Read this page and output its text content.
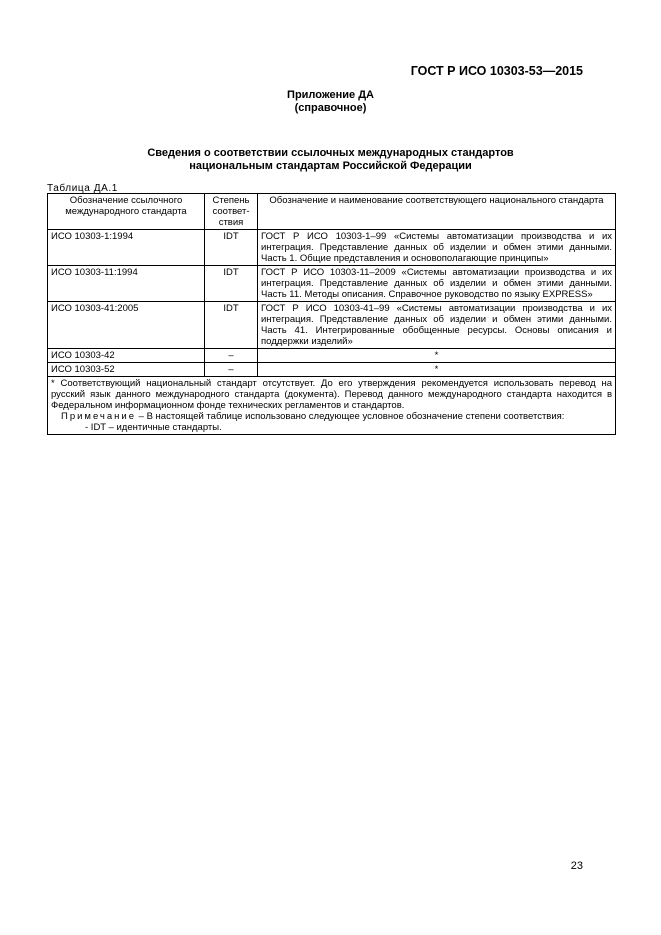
ГОСТ Р ИСО 10303-53—2015
Приложение ДА
(справочное)
Сведения о соответствии ссылочных международных стандартов
национальным стандартам Российской Федерации
Таблица ДА.1
Обозначение ссылочного международного стандарта	Степень соответ-ствия	Обозначение и наименование соответствующего национального стандарта
ИСО 10303-1:1994	IDT	ГОСТ Р ИСО 10303-1–99 «Системы автоматизации производства и их интеграция. Представление данных об изделии и обмен этими данными. Часть 1. Общие представления и основополагающие принципы»
ИСО 10303-11:1994	IDT	ГОСТ Р ИСО 10303-11–2009 «Системы автоматизации производства и их интеграция. Представление данных об изделии и обмен этими данными. Часть 11. Методы описания. Справочное руководство по языку EXPRESS»
ИСО 10303-41:2005	IDT	ГОСТ Р ИСО 10303-41–99 «Системы автоматизации производства и их интеграция. Представление данных об изделии и обмен этими данными. Часть 41. Интегрированные обобщенные ресурсы. Основы описания и поддержки изделий»
ИСО 10303-42	–	*
ИСО 10303-52	–	*

* Соответствующий национальный стандарт отсутствует. До его утверждения рекомендуется использовать перевод на русский язык данного международного стандарта (документа). Перевод данного международного стандарта находится в Федеральном информационном фонде технических регламентов и стандартов.
Примечание – В настоящей таблице использовано следующее условное обозначение степени соответствия:
- IDT – идентичные стандарты.		
23
